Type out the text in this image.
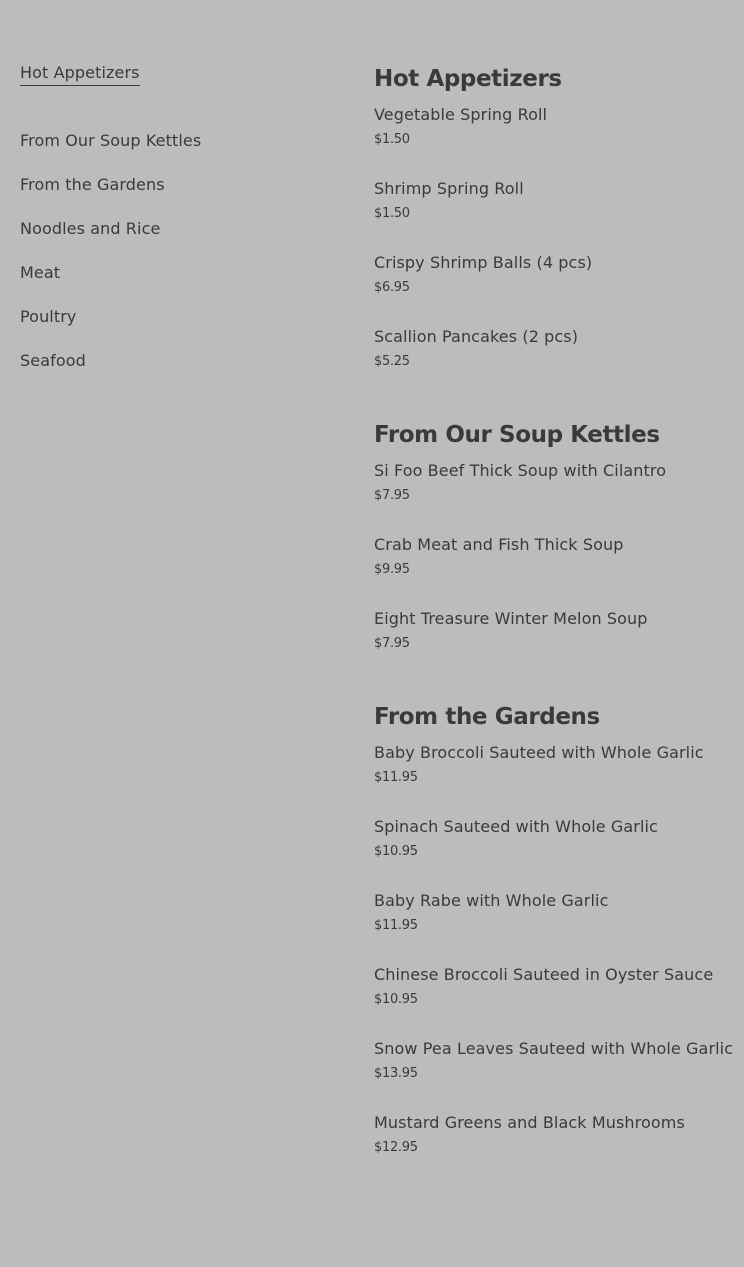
Hot Appetizers
From Our Soup Kettles
From the Gardens
Noodles and Rice
Meat
Poultry
Seafood
Hot Appetizers
Vegetable Spring Roll
$1.50
Shrimp Spring Roll
$1.50
Crispy Shrimp Balls (4 pcs)
$6.95
Scallion Pancakes (2 pcs)
$5.25
From Our Soup Kettles
Si Foo Beef Thick Soup with Cilantro
$7.95
Crab Meat and Fish Thick Soup
$9.95
Eight Treasure Winter Melon Soup
$7.95
From the Gardens
Baby Broccoli Sauteed with Whole Garlic
$11.95
Spinach Sauteed with Whole Garlic
$10.95
Baby Rabe with Whole Garlic
$11.95
Chinese Broccoli Sauteed in Oyster Sauce
$10.95
Snow Pea Leaves Sauteed with Whole Garlic
$13.95
Mustard Greens and Black Mushrooms
$12.95
